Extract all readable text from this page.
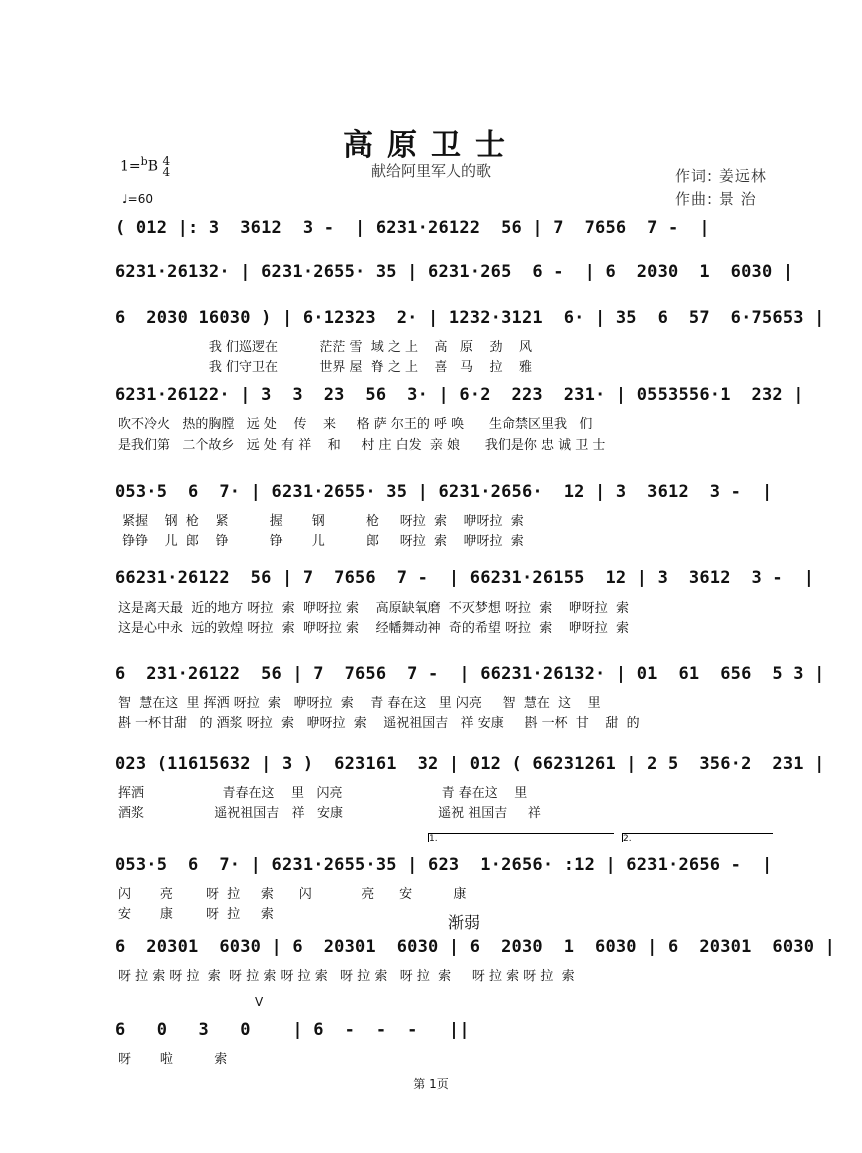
高原卫士
献给阿里军人的歌
1=$^b$B 4
4
♩=60
作词: 姜远林
作曲: 景 治
( 012 |: 3  3612  3 -  | 6231·26122  56 | 7  7656  7 -  |
6231·26132· | 6231·2655· 35 | 6231·265  6 -  | 6  2030  1  6030 |
6  2030 16030 ) | 6·12323  2· | 1232·3121  6· | 35  6  57  6·75653 |
我 们巡逻在          茫茫 雪  域 之 上    高   原    劲    风
我 们守卫在          世界 屋  脊 之 上    喜   马    拉    雅
6231·26122· | 3  3  23  56  3· | 6·2  223  231· | 0553556·1  232 |
吹不冷火   热的胸膛   远 处    传    来     格 萨 尔王的 呼 唤      生命禁区里我   们
是我们第   二个故乡   远 处 有 祥    和     村 庄 白发  亲 娘      我们是你 忠 诚 卫 士
053·5  6  7· | 6231·2655· 35 | 6231·2656·  12 | 3  3612  3 -  |
紧握    钢  枪    紧          握       钢          枪     呀拉  索    咿呀拉  索
铮铮    儿  郎    铮          铮       儿          郎     呀拉  索    咿呀拉  索
66231·26122  56 | 7  7656  7 -  | 66231·26155  12 | 3  3612  3 -  |
这是离天最  近的地方 呀拉  索  咿呀拉 索    高原缺氧磨  不灭梦想 呀拉  索    咿呀拉  索
这是心中永  远的敦煌 呀拉  索  咿呀拉 索    经幡舞动神  奇的希望 呀拉  索    咿呀拉  索
6  231·26122  56 | 7  7656  7 -  | 66231·26132· | 01  61  656  5 3 |
智  慧在这  里 挥洒 呀拉  索   咿呀拉  索    青 春在这   里 闪亮     智  慧在  这    里
斟 一杯甘甜   的 酒浆 呀拉  索   咿呀拉  索    遥祝祖国吉   祥 安康     斟 一杯  甘    甜  的
023 (11615632 | 3 )  623161  32 | 012 ( 66231261 | 2 5  356·2  231 |
挥洒                   青春在这    里   闪亮                        青 春在这    里
酒浆                 遥祝祖国吉   祥   安康                       遥祝 祖国吉     祥
1.	2.
053·5  6  7· | 6231·2655·35 | 623  1·2656· :12 | 6231·2656 -  |
闪       亮        呀  拉     索      闪            亮      安          康
安       康        呀  拉     索	渐弱
6  20301  6030 | 6  20301  6030 | 6  2030  1  6030 | 6  20301  6030 |
呀 拉 索 呀 拉  索  呀 拉 索 呀 拉 索   呀 拉 索   呀 拉  索     呀 拉 索 呀 拉  索
V
6   0   3   0    | 6  -  -  -   ||
呀       啦          索
第 1页
